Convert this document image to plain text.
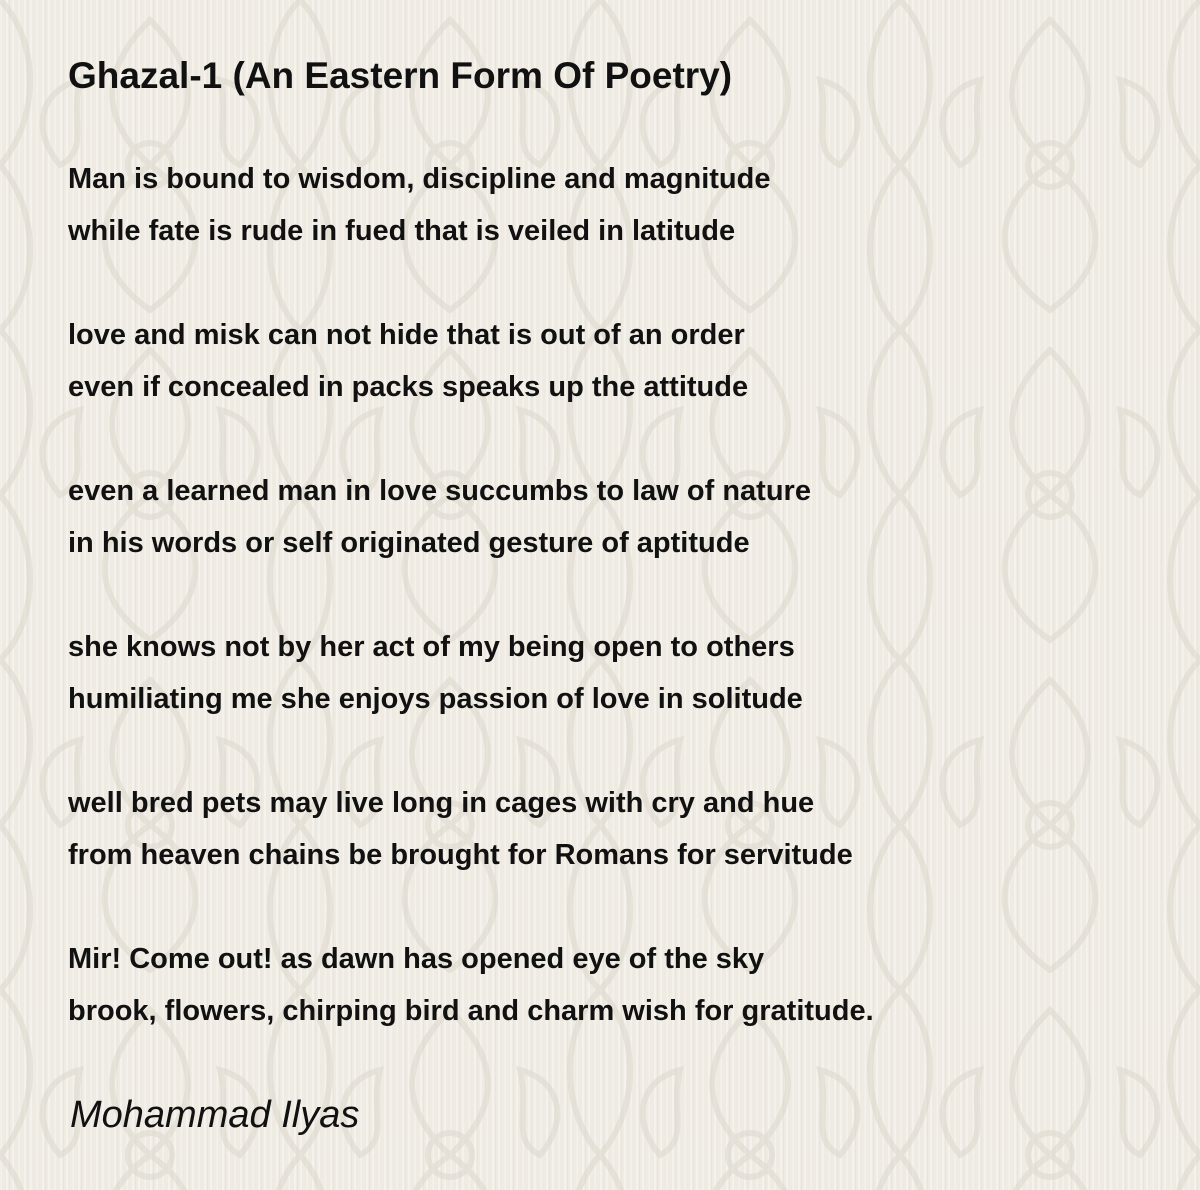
Ghazal-1 (An Eastern Form Of Poetry)
Man is bound to wisdom, discipline and magnitude
while fate is rude in fued that is veiled in latitude
love and misk can not hide that is out of an order
even if concealed in packs speaks up the attitude
even a learned man in love succumbs to law of nature
in his words or self originated gesture of aptitude
she knows not by her act of my being open to others
humiliating me she enjoys passion of love in solitude
well bred pets may live long in cages with cry and hue
from heaven chains be brought for Romans for servitude
Mir! Come out! as dawn has opened eye of the sky
brook, flowers, chirping bird and charm wish for gratitude.
Mohammad Ilyas
